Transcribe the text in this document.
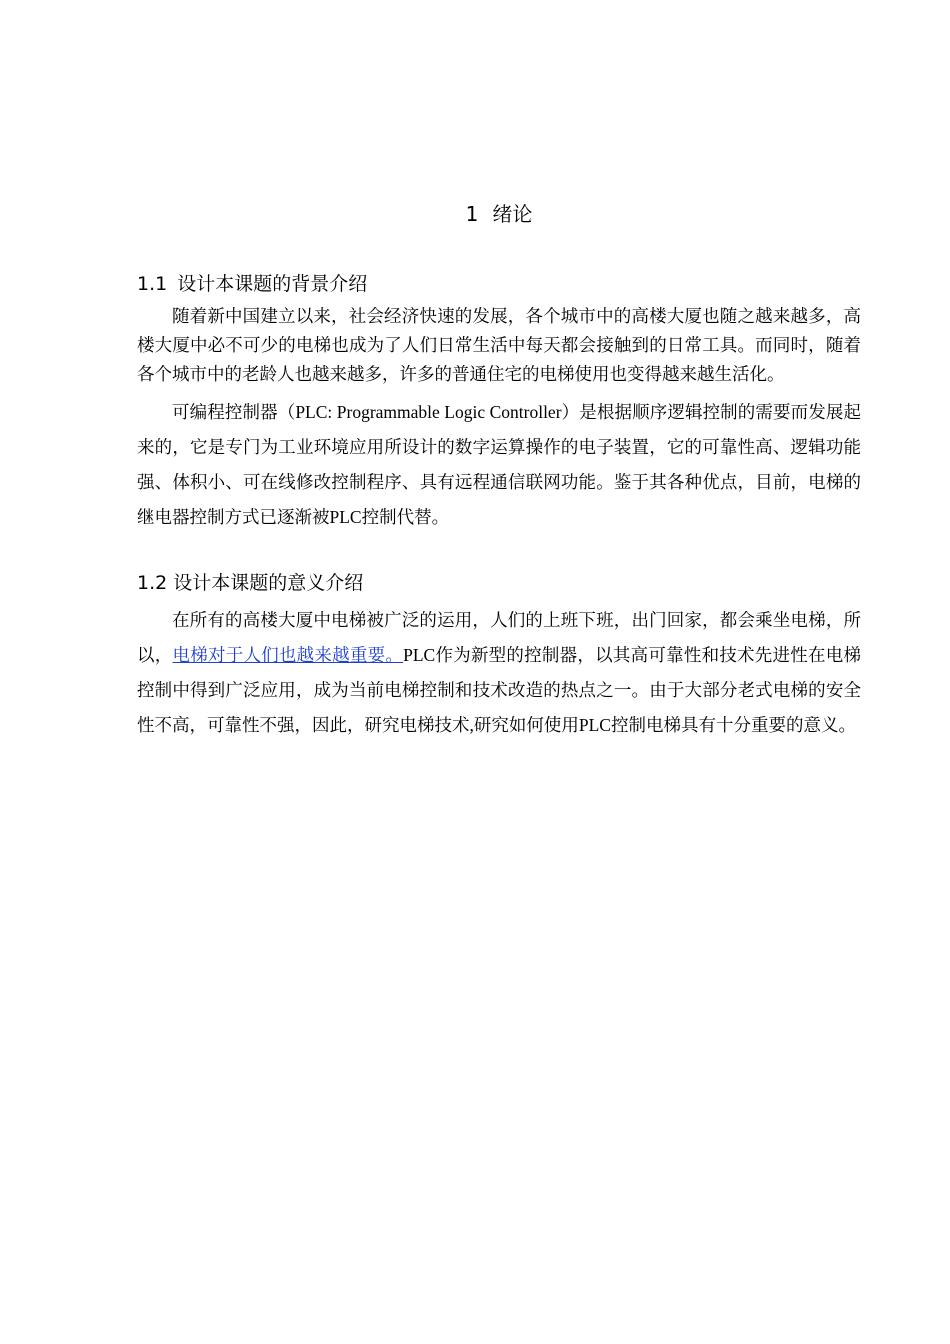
1 绪论
1.1 设计本课题的背景介绍

随着新中国建立以来，社会经济快速的发展，各个城市中的高楼大厦也随之越来越多，高楼大厦中必不可少的电梯也成为了人们日常生活中每天都会接触到的日常工具。而同时，随着各个城市中的老龄人也越来越多，许多的普通住宅的电梯使用也变得越来越生活化。

可编程控制器（PLC: Programmable Logic Controller）是根据顺序逻辑控制的需要而发展起来的，它是专门为工业环境应用所设计的数字运算操作的电子装置，它的可靠性高、逻辑功能强、体积小、可在线修改控制程序、具有远程通信联网功能。鉴于其各种优点，目前，电梯的继电器控制方式已逐渐被PLC控制代替。

1.2 设计本课题的意义介绍

在所有的高楼大厦中电梯被广泛的运用，人们的上班下班，出门回家，都会乘坐电梯，所以，电梯对于人们也越来越重要。PLC作为新型的控制器，以其高可靠性和技术先进性在电梯控制中得到广泛应用，成为当前电梯控制和技术改造的热点之一。由于大部分老式电梯的安全性不高，可靠性不强，因此，研究电梯技术,研究如何使用PLC控制电梯具有十分重要的意义。
